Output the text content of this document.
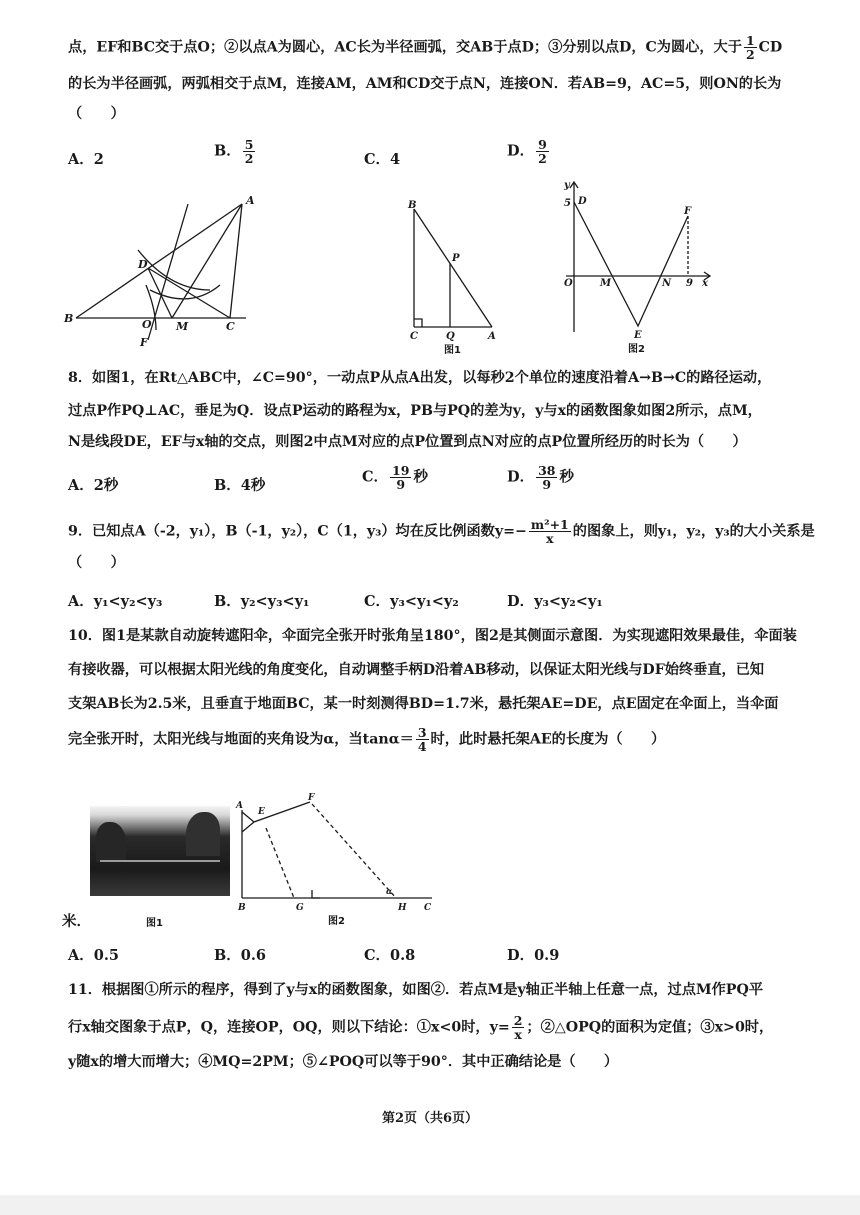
点，EF和BC交于点O；②以点A为圆心，AC长为半径画弧，交AB于点D；③分别以点D，C为圆心，大于 $\frac{1}{2}$ CD
的长为半径画弧，两弧相交于点M，连接AM，AM和CD交于点N，连接ON．若AB=9，AC=5，则ON的长为
（　　）
A．2	B． $\frac{5}{2}$	C．4	D． $\frac{9}{2}$
A
B
C
D
O M
F
B
P
C	Q	A
图1
y
5 D
F
O	M	N 9 x
E
图2
8．如图1，在Rt△ABC中，∠C=90°，一动点P从点A出发，以每秒2个单位的速度沿着A→B→C的路径运动，
过点P作PQ⊥AC，垂足为Q．设点P运动的路程为x，PB与PQ的差为y，y与x的函数图象如图2所示，点M，
N是线段DE，EF与x轴的交点，则图2中点M对应的点P位置到点N对应的点P位置所经历的时长为（　　）
A．2秒	B．4秒	C． $\frac{19}{9}$ 秒	D． $\frac{38}{9}$ 秒
9．已知点A（-2，y₁），B（-1，y₂），C（1，y₃）均在反比例函数$y=- \frac{\text{m²+1}}{x}$ 的图象上，则y₁，y₂，y₃的大小关系是
（　　）
A．y₁<y₂<y₃	B．y₂<y₃<y₁	C．y₃<y₁<y₂	D．y₃<y₂<y₁
10．图1是某款自动旋转遮阳伞，伞面完全张开时张角呈180°，图2是其侧面示意图．为实现遮阳效果最佳，伞面装
有接收器，可以根据太阳光线的角度变化，自动调整手柄D沿着AB移动，以保证太阳光线与DF始终垂直，已知
支架AB长为2.5米，且垂直于地面BC，某一时刻测得BD=1.7米，悬托架AE=DE，点E固定在伞面上，当伞面
完全张开时，太阳光线与地面的夹角设为α，当$\tan\alpha= \frac{3}{4}$ 时，此时悬托架AE的长度为（　　）
图1
米．
A
E
F
B	G	H C
α
图2
A．0.5	B．0.6	C．0.8	D．0.9
11．根据图①所示的程序，得到了y与x的函数图象，如图②．若点M是y轴正半轴上任意一点，过点M作PQ平
行x轴交图象于点P，Q，连接OP，OQ，则以下结论：①x<0时，$y= \frac{2}{x}$ ；②△OPQ的面积为定值；③x>0时，
y随x的增大而增大；④MQ=2PM；⑤∠POQ可以等于90°．其中正确结论是（　　）
第2页（共6页）
